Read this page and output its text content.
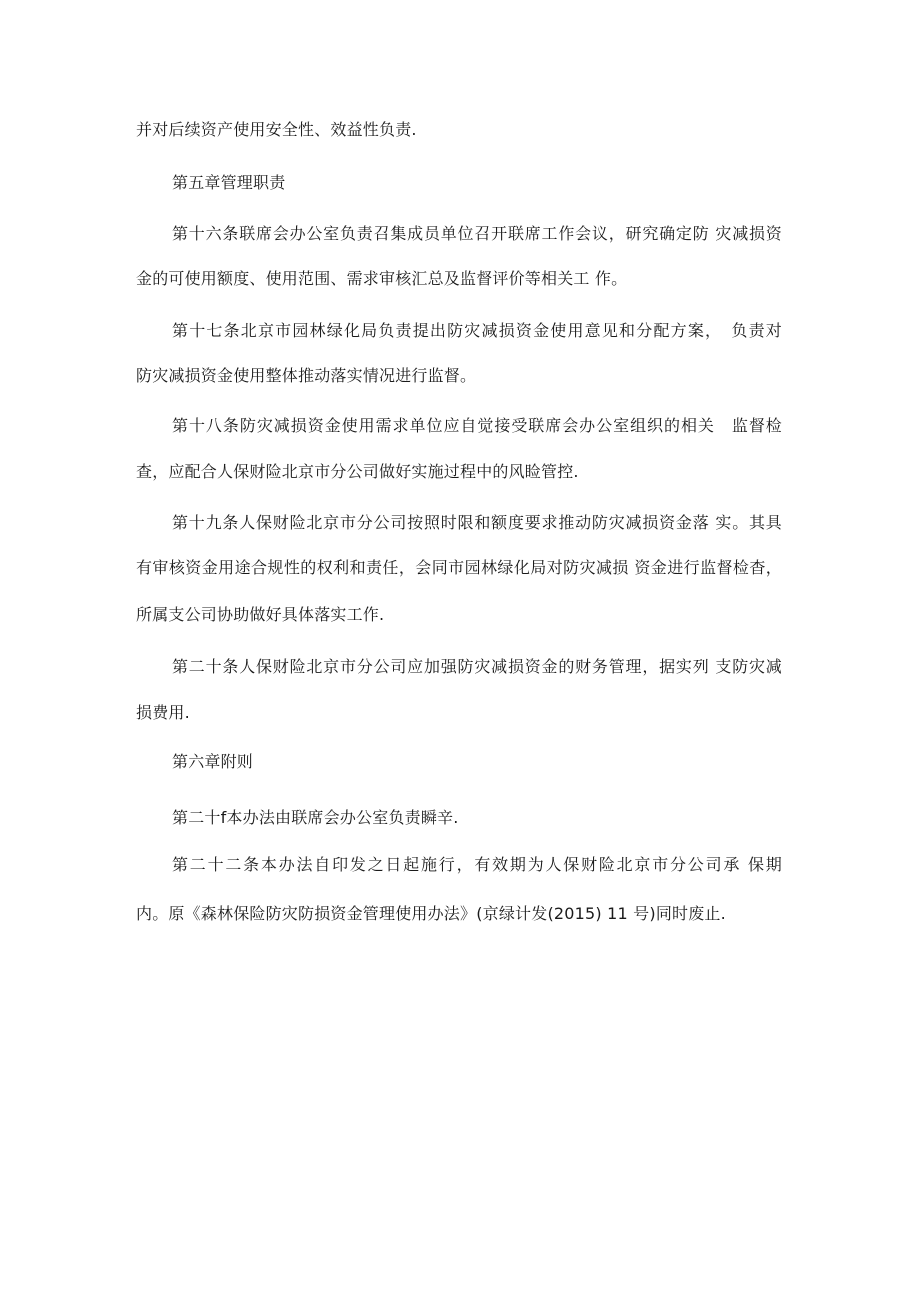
并对后续资产使用安全性、效益性负责.
第五章管理职责
第十六条联席会办公室负责召集成员单位召开联席工作会议，研究确定防 灾减损资
金的可使用额度、使用范围、需求审核汇总及监督评价等相关工 作。
第十七条北京市园林绿化局负责提出防灾减损资金使用意见和分配方案，　负责对
防灾减损资金使用整体推动落实情况进行监督。
第十八条防灾减损资金使用需求单位应自觉接受联席会办公室组织的相关　监督检
查，应配合人保财险北京市分公司做好实施过程中的风睑管控.
第十九条人保财险北京市分公司按照时限和额度要求推动防灾减损资金落 实。其具
有审核资金用途合规性的权利和责任，会同市园林绿化局对防灾减损 资金进行监督检杳，
所属支公司协助做好具体落实工作.
第二十条人保财险北京市分公司应加强防灾减损资金的财务管理，据实列 支防灾减
损费用.
第六章附则
第二十f本办法由联席会办公室负责瞬辛.
第二十二条本办法自印发之日起施行，有效期为人保财险北京市分公司承 保期
内。原《森林保险防灾防损资金管理使用办法》(京绿计发(2015) 11 号)同时废止.
